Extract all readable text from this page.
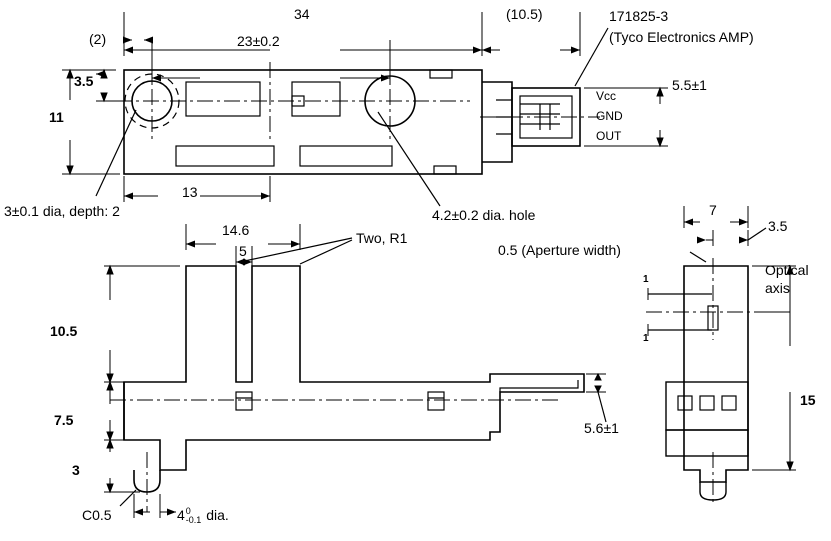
34	(10.5)
23±0.2
(2)
3.5
11
13
171825-3
(Tyco Electronics AMP)
5.5±1
Vcc
GND
OUT
3±0.1 dia, depth: 2	4.2±0.2 dia. hole
14.6
5
Two, R1
10.5
7.5
3
5.6±1
C0.5	4 0
-0.1 dia.
7
3.5
0.5 (Aperture width)
1
1
Optical
axis
15
